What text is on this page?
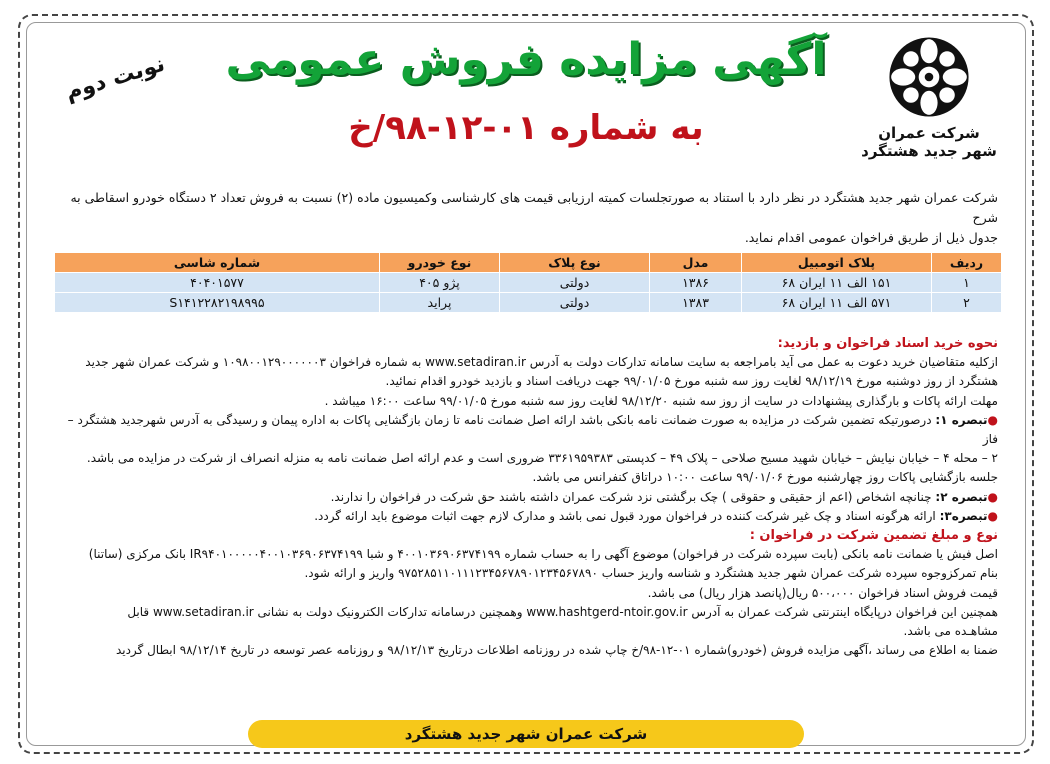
شرکت عمران
شهر جدید هشتگرد
آگهی مزایده فروش عمومی
به شماره ۰۱-۱۲-۹۸/خ
نوبت دوم
شرکت عمران شهر جدید هشتگرد در نظر دارد با استناد به صورتجلسات کمیته ارزیابی قیمت های کارشناسی وکمیسیون ماده (۲) نسبت به فروش تعداد ۲ دستگاه خودرو اسقاطی به شرح
جدول ذیل از طریق فراخوان عمومی اقدام نماید.
ردیف	پلاک اتومبیل	مدل	نوع پلاک	نوع خودرو	شماره شاسی
۱	۱۵۱ الف ۱۱ ایران ۶۸	۱۳۸۶	دولتی	پژو ۴۰۵	۴۰۴۰۱۵۷۷
۲	۵۷۱ الف ۱۱ ایران ۶۸	۱۳۸۳	دولتی	پراید	S۱۴۱۲۲۸۲۱۹۸۹۹۵

نحوه خرید اسناد فراخوان و بازدید:

ازکلیه متقاضیان خرید دعوت به عمل می آید بامراجعه به سایت سامانه تدارکات دولت به آدرس www.setadiran.ir به شماره فراخوان ۱۰۹۸۰۰۱۲۹۰۰۰۰۰۰۳ و شرکت عمران شهر جدید

هشتگرد از روز دوشنبه مورخ ۹۸/۱۲/۱۹ لغایت روز سه شنبه مورخ ۹۹/۰۱/۰۵ جهت دریافت اسناد و بازدید خودرو اقدام نمائید.

مهلت ارائه پاکات و بارگذاری پیشنهادات در سایت از روز سه شنبه ۹۸/۱۲/۲۰ لغایت روز سه شنبه مورخ ۹۹/۰۱/۰۵ ساعت ۱۶:۰۰ میباشد .

●تبصره ۱: درصورتیکه تضمین شرکت در مزایده به صورت ضمانت نامه بانکی باشد ارائه اصل ضمانت نامه تا زمان بازگشایی پاکات به اداره پیمان و رسیدگی به آدرس شهرجدید هشتگرد – فاز

۲ – محله ۴ – خیابان نیایش – خیابان شهید مسیح صلاحی – پلاک ۴۹ – کدپستی ۳۳۶۱۹۵۹۳۸۳ ضروری است و عدم ارائه اصل ضمانت نامه به منزله انصراف از شرکت در مزایده می باشد.

جلسه بازگشایی پاکات روز چهارشنبه مورخ ۹۹/۰۱/۰۶ ساعت ۱۰:۰۰ دراتاق کنفرانس می باشد.

●تبصره ۲: چنانچه اشخاص (اعم از حقیقی و حقوقی ) چک برگشتی نزد شرکت عمران داشته باشند حق شرکت در فراخوان را ندارند.

●تبصره۳: ارائه هرگونه اسناد و چک غیر شرکت کننده در فراخوان مورد قبول نمی باشد و مدارک لازم جهت اثبات موضوع باید ارائه گردد.

نوع و مبلغ تضمین شرکت در فراخوان :

اصل فیش یا ضمانت نامه بانکی (بابت سپرده شرکت در فراخوان) موضوع آگهی را به حساب شماره ۴۰۰۱۰۳۶۹۰۶۳۷۴۱۹۹ و شبا IR۹۴۰۱۰۰۰۰۰۴۰۰۱۰۳۶۹۰۶۳۷۴۱۹۹ بانک مرکزی (ساتنا)

بنام تمرکزوجوه سپرده شرکت عمران شهر جدید هشتگرد و شناسه واریز حساب ۹۷۵۲۸۵۱۱۰۱۱۱۲۳۴۵۶۷۸۹۰۱۲۳۴۵۶۷۸۹۰ واریز و ارائه شود.

قیمت فروش اسناد فراخوان ۵۰۰،۰۰۰ ریال(پانصد هزار ریال) می باشد.

همچنین این فراخوان درپایگاه اینترنتی شرکت عمران به آدرس www.hashtgerd-ntoir.gov.ir وهمچنین درسامانه تدارکات الکترونیک دولت به نشانی www.setadiran.ir قابل

مشاهـده می باشد.

ضمنا به اطلاع می رساند ،آگهی مزایده فروش (خودرو)شماره ۰۱-۱۲-۹۸/خ چاپ شده در روزنامه اطلاعات درتاریخ ۹۸/۱۲/۱۳ و روزنامه عصر توسعه در تاریخ ۹۸/۱۲/۱۴ ابطال گردید

شرکت عمران شهر جدید هشتگرد
